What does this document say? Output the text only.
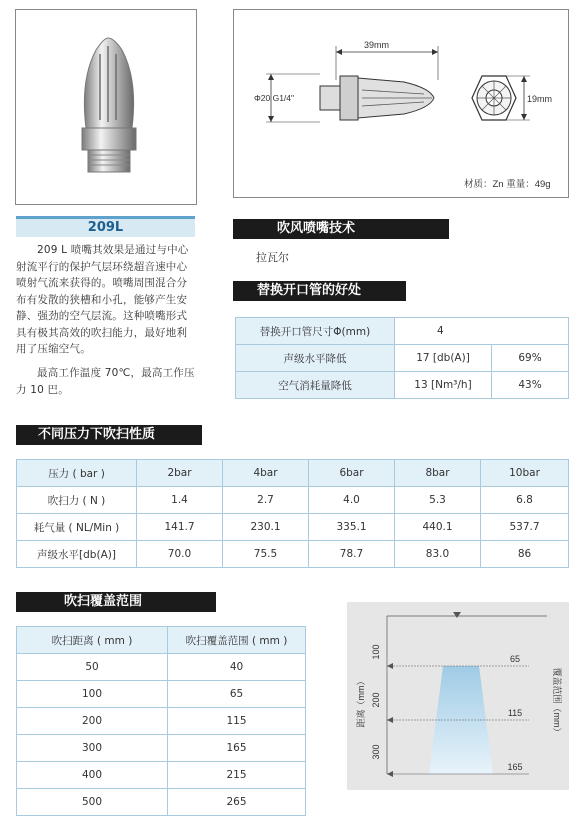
39mm
Φ20 G1/4"	19mm
材质：Zn 重量：49g
209L
209 L 喷嘴其效果是通过与中心射流平行的保护气层环绕超音速中心喷射气流来获得的。喷嘴周围混合分布有发散的狭槽和小孔，能够产生安静、强劲的空气层流。这种喷嘴形式具有极其高效的吹扫能力，最好地利用了压缩空气。
最高工作温度 70℃，最高工作压力 10 巴。
吹风喷嘴技术
拉瓦尔
替换开口管的好处
替换开口管尺寸Φ(mm)	4	
声级水平降低	17 [db(A)]	69%
空气消耗量降低	13 [Nm³/h]	43%
不同压力下吹扫性质
压力 ( bar )	2bar	4bar	6bar	8bar	10bar
吹扫力 ( N )	1.4	2.7	4.0	5.3	6.8
耗气量 ( NL/Min )	141.7	230.1	335.1	440.1	537.7
声级水平[db(A)]	70.0	75.5	78.7	83.0	86
吹扫覆盖范围
吹扫距离 ( mm )	吹扫覆盖范围 ( mm )
50	40
100	65
200	115
300	165
400	215
500	265
100
200
300
距离（mm）
65
115
165
覆盖范围（mm）
